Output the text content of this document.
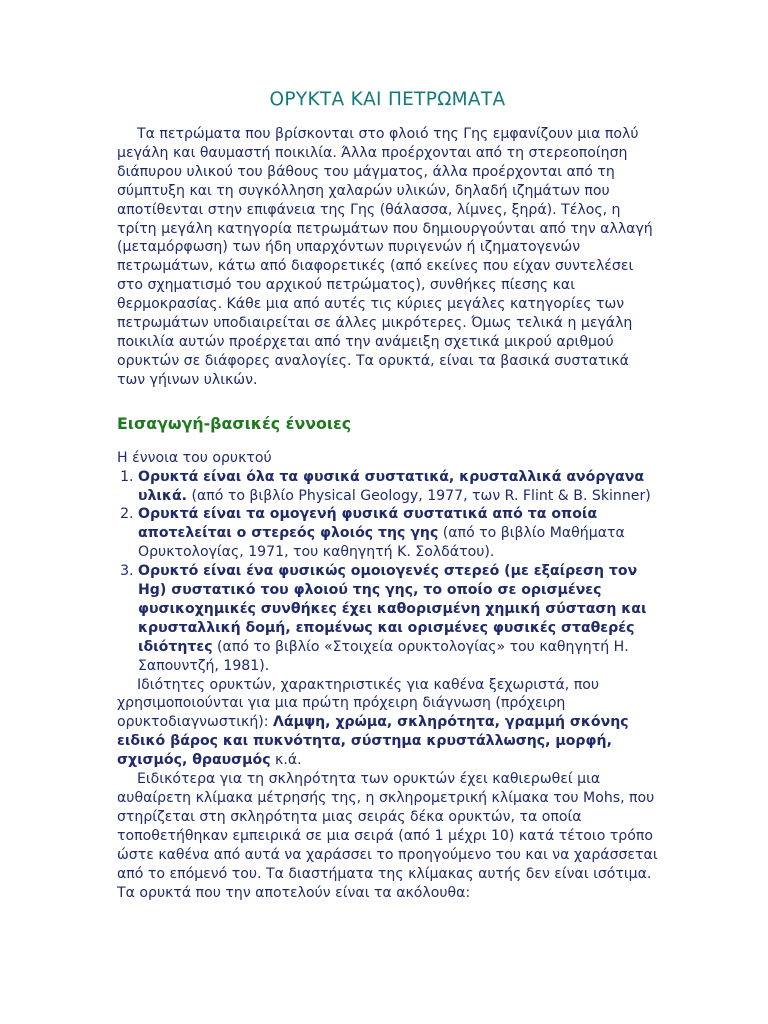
ΟΡΥΚΤΑ ΚΑΙ ΠΕΤΡΩΜΑΤΑ

Τα πετρώματα που βρίσκονται στο φλοιό της Γης εμφανίζουν μια πολύ μεγάλη και θαυμαστή ποικιλία. Άλλα προέρχονται από τη στερεοποίηση διάπυρου υλικού του βάθους του μάγματος, άλλα προέρχονται από τη σύμπτυξη και τη συγκόλληση χαλαρών υλικών, δηλαδή ιζημάτων που αποτίθενται στην επιφάνεια της Γης (θάλασσα, λίμνες, ξηρά). Τέλος, η τρίτη μεγάλη κατηγορία πετρωμάτων που δημιουργούνται από την αλλαγή (μεταμόρφωση) των ήδη υπαρχόντων πυριγενών ή ιζηματογενών πετρωμάτων, κάτω από διαφορετικές (από εκείνες που είχαν συντελέσει στο σχηματισμό του αρχικού πετρώματος), συνθήκες πίεσης και θερμοκρασίας. Κάθε μια από αυτές τις κύριες μεγάλες κατηγορίες των πετρωμάτων υποδιαιρείται σε άλλες μικρότερες. Όμως τελικά η μεγάλη ποικιλία αυτών προέρχεται από την ανάμειξη σχετικά μικρού αριθμού ορυκτών σε διάφορες αναλογίες. Τα ορυκτά, είναι τα βασικά συστατικά των γήινων υλικών.

Εισαγωγή-βασικές έννοιες

Η έννοια του ορυκτού

1. Ορυκτά είναι όλα τα φυσικά συστατικά, κρυσταλλικά ανόργανα υλικά. (από το βιβλίο Physical Geology, 1977, των R. Flint & B. Skinner)
2. Ορυκτά είναι τα ομογενή φυσικά συστατικά από τα οποία αποτελείται ο στερεός φλοιός της γης (από το βιβλίο Μαθήματα Ορυκτολογίας, 1971, του καθηγητή Κ. Σολδάτου).
3. Ορυκτό είναι ένα φυσικώς ομοιογενές στερεό (με εξαίρεση τον Hg) συστατικό του φλοιού της γης, το οποίο σε ορισμένες φυσικοχημικές συνθήκες έχει καθορισμένη χημική σύσταση και κρυσταλλική δομή, επομένως και ορισμένες φυσικές σταθερές ιδιότητες (από το βιβλίο «Στοιχεία ορυκτολογίας» του καθηγητή Η. Σαπουντζή, 1981).

Ιδιότητες ορυκτών, χαρακτηριστικές για καθένα ξεχωριστά, που χρησιμοποιούνται για μια πρώτη πρόχειρη διάγνωση (πρόχειρη ορυκτοδιαγνωστική): Λάμψη, χρώμα, σκληρότητα, γραμμή σκόνης ειδικό βάρος και πυκνότητα, σύστημα κρυστάλλωσης, μορφή, σχισμός, θραυσμός κ.ά.

Ειδικότερα για τη σκληρότητα των ορυκτών έχει καθιερωθεί μια αυθαίρετη κλίμακα μέτρησής της, η σκληρομετρική κλίμακα του Mohs, που στηρίζεται στη σκληρότητα μιας σειράς δέκα ορυκτών, τα οποία τοποθετήθηκαν εμπειρικά σε μια σειρά (από 1 μέχρι 10) κατά τέτοιο τρόπο ώστε καθένα από αυτά να χαράσσει το προηγούμενο του και να χαράσσεται από το επόμενό του. Τα διαστήματα της κλίμακας αυτής δεν είναι ισότιμα. Τα ορυκτά που την αποτελούν είναι τα ακόλουθα:
